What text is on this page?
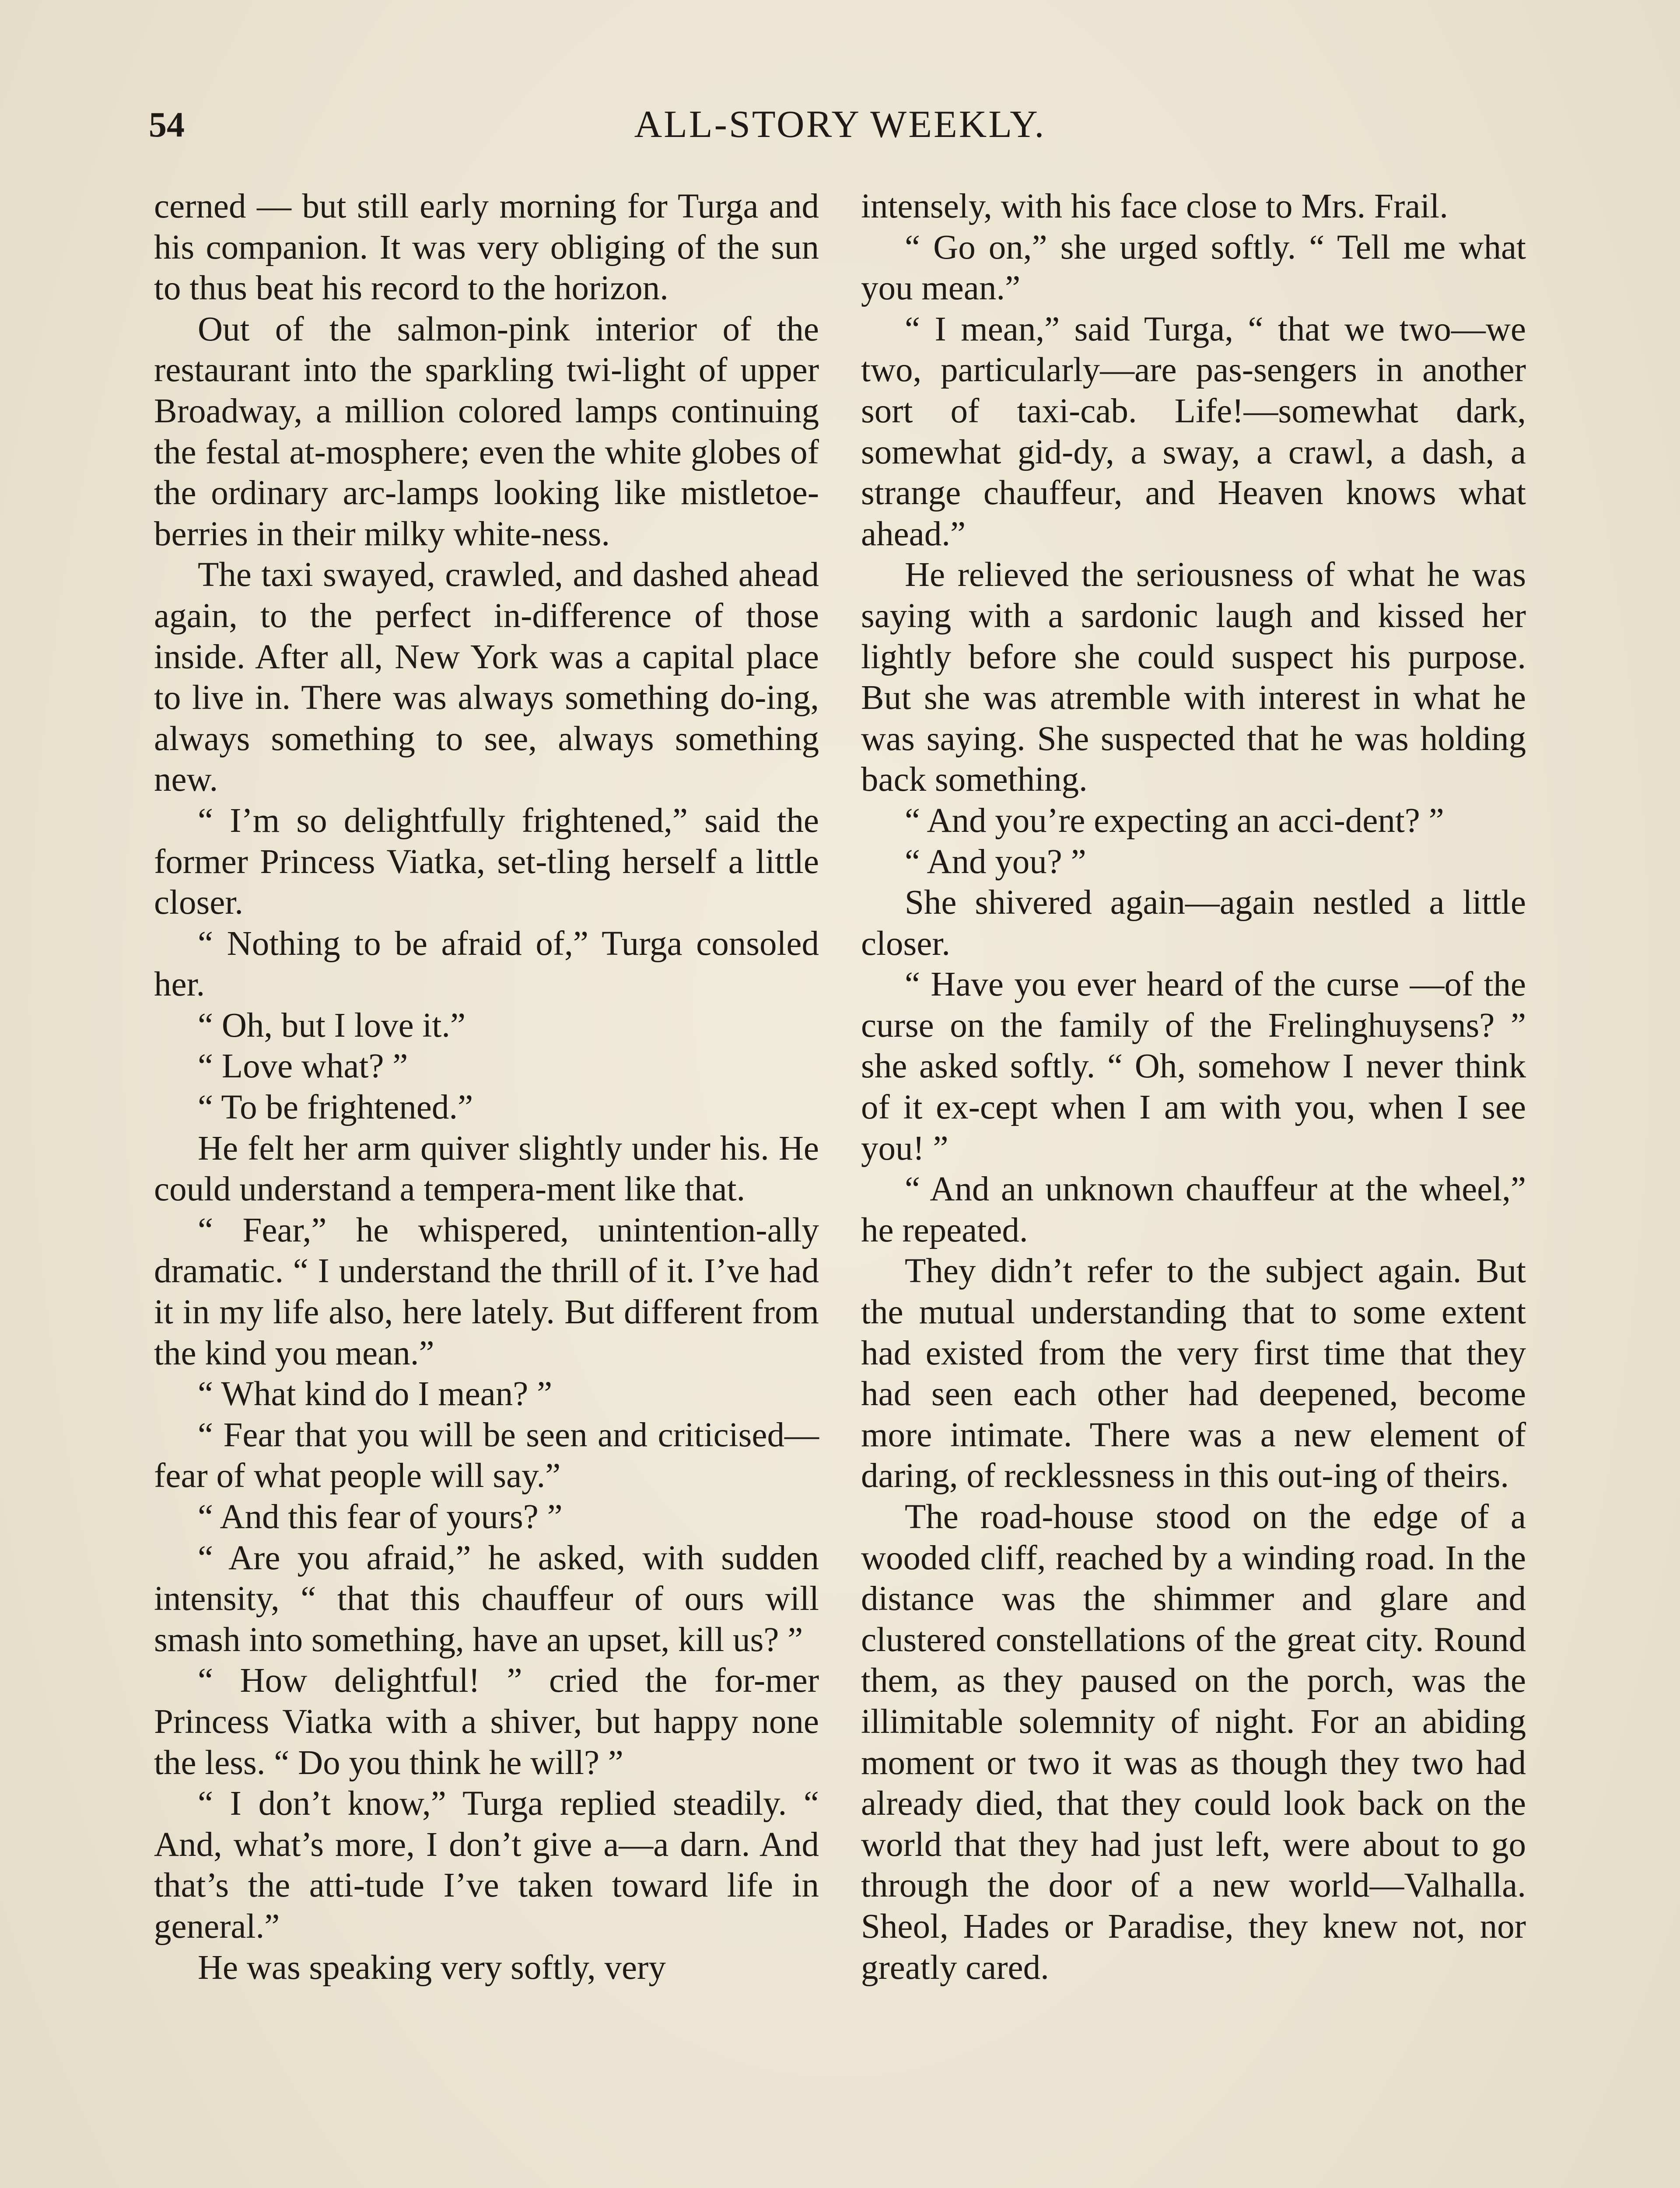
54	ALL-STORY WEEKLY.

cerned — but still early morning for Turga and his companion. It was very obliging of the sun to thus beat his record to the horizon.

Out of the salmon-pink interior of the restaurant into the sparkling twi-light of upper Broadway, a million colored lamps continuing the festal at-mosphere; even the white globes of the ordinary arc-lamps looking like mistletoe-berries in their milky white-ness.

The taxi swayed, crawled, and dashed ahead again, to the perfect in-difference of those inside. After all, New York was a capital place to live in. There was always something do-ing, always something to see, always something new.

“ I’m so delightfully frightened,” said the former Princess Viatka, set-tling herself a little closer.

“ Nothing to be afraid of,” Turga consoled her.

“ Oh, but I love it.”

“ Love what? ”

“ To be frightened.”

He felt her arm quiver slightly under his. He could understand a tempera-ment like that.

“ Fear,” he whispered, unintention-ally dramatic. “ I understand the thrill of it. I’ve had it in my life also, here lately. But different from the kind you mean.”

“ What kind do I mean? ”

“ Fear that you will be seen and criticised—fear of what people will say.”

“ And this fear of yours? ”

“ Are you afraid,” he asked, with sudden intensity, “ that this chauffeur of ours will smash into something, have an upset, kill us? ”

“ How delightful! ” cried the for-mer Princess Viatka with a shiver, but happy none the less. “ Do you think he will? ”

“ I don’t know,” Turga replied steadily. “ And, what’s more, I don’t give a—a darn. And that’s the atti-tude I’ve taken toward life in general.”

He was speaking very softly, very

intensely, with his face close to Mrs. Frail.

“ Go on,” she urged softly. “ Tell me what you mean.”

“ I mean,” said Turga, “ that we two—we two, particularly—are pas-sengers in another sort of taxi-cab. Life!—somewhat dark, somewhat gid-dy, a sway, a crawl, a dash, a strange chauffeur, and Heaven knows what ahead.”

He relieved the seriousness of what he was saying with a sardonic laugh and kissed her lightly before she could suspect his purpose. But she was atremble with interest in what he was saying. She suspected that he was holding back something.

“ And you’re expecting an acci-dent? ”

“ And you? ”

She shivered again—again nestled a little closer.

“ Have you ever heard of the curse —of the curse on the family of the Frelinghuysens? ” she asked softly. “ Oh, somehow I never think of it ex-cept when I am with you, when I see you! ”

“ And an unknown chauffeur at the wheel,” he repeated.

They didn’t refer to the subject again. But the mutual understanding that to some extent had existed from the very first time that they had seen each other had deepened, become more intimate. There was a new element of daring, of recklessness in this out-ing of theirs.

The road-house stood on the edge of a wooded cliff, reached by a winding road. In the distance was the shimmer and glare and clustered constellations of the great city. Round them, as they paused on the porch, was the illimitable solemnity of night. For an abiding moment or two it was as though they two had already died, that they could look back on the world that they had just left, were about to go through the door of a new world—Valhalla. Sheol, Hades or Paradise, they knew not, nor greatly cared.
